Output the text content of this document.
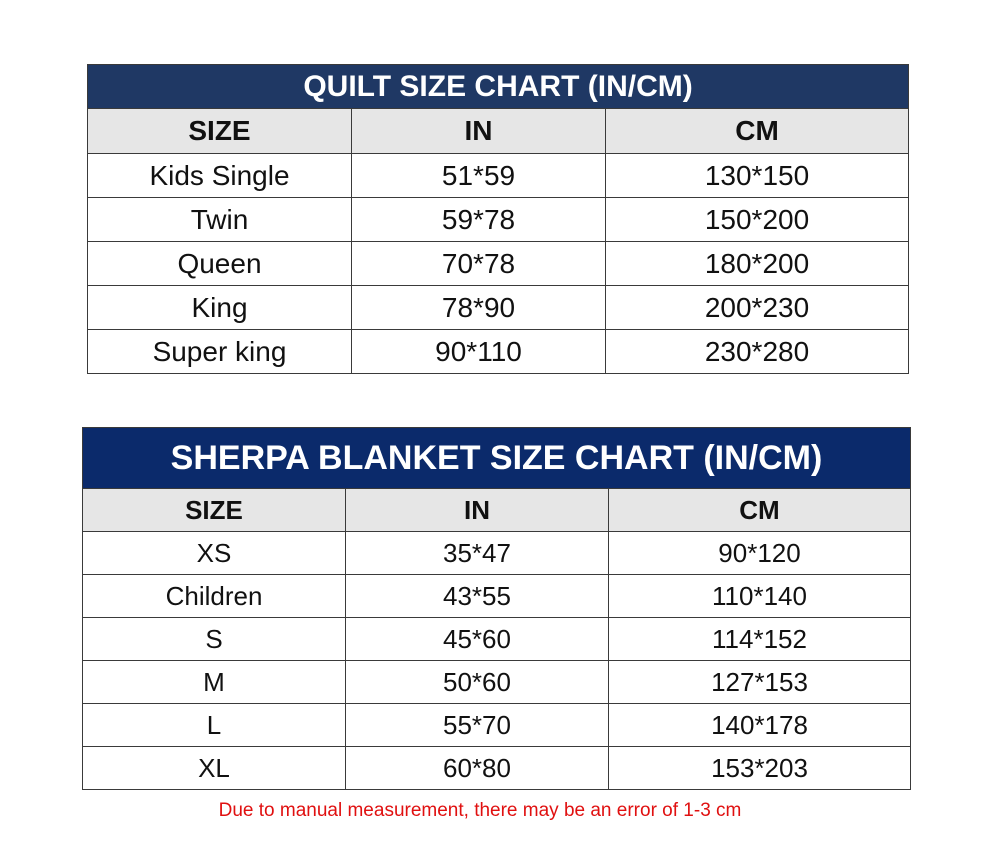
QUILT SIZE CHART (IN/CM)		
SIZE	IN	CM
Kids Single	51*59	130*150
Twin	59*78	150*200
Queen	70*78	180*200
King	78*90	200*230
Super king	90*110	230*280
SHERPA BLANKET SIZE CHART (IN/CM)		
SIZE	IN	CM
XS	35*47	90*120
Children	43*55	110*140
S	45*60	114*152
M	50*60	127*153
L	55*70	140*178
XL	60*80	153*203
Due to manual measurement, there may be an error of 1-3 cm
